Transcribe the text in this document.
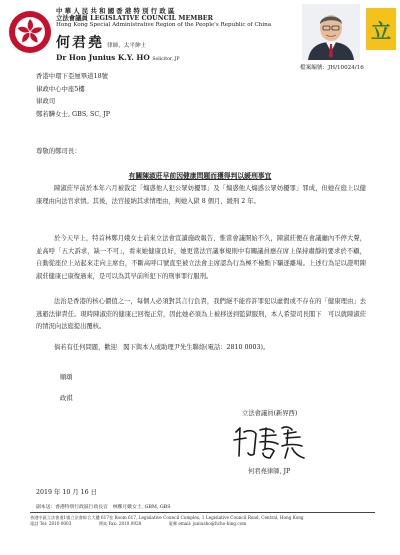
中 華 人 民 共 和 國 香 港 特 別 行 政 區
立法會議員 LEGISLATIVE COUNCIL MEMBER
Hong Kong Special Administrative Region of the People's Republic of China
何君堯 律師，太平紳士
Dr Hon Junius K.Y. HO Solicitor, JP
立
檔案編號：JH/10024/16
香港中環下亞厘畢道18號
律政中心中座5樓
律政司
鄭若驊女士, GBS, SC, JP
尊敬的鄭司長：
有關陳淑莊早前因健康問題而獲得判以緩刑事宜
陳淑莊早前於本年六月被裁定「煽惑他人犯公眾妨擾罪」及「煽惑他人煽惑公眾妨擾罪」罪成，但她在庭上以健康理由向法官求情。其後，法官接納其求情理由，判她入獄 8 個月，緩刑 2 年。
於今天早上，特首林鄭月娥女士前來立法會宣讀施政報告，惟當會議開始不久，陳淑莊便在會議廳內不停大聲，並高呼「五大訴求，缺一不可」，看來她健康良好，她更當法官議事規則中有關議員應在席上保持肅靜的要求於不顧，自動從座位上站起來走向主席台，不斷高呼口號直至被立法會主席認為行為極不檢點下驅逐離場。上述行為足以證明陳淑莊健康已康復過來，是可以為其早前所犯下的刑事罪行服刑。
法治是香港的核心價值之一，每個人必須對其言行負責，我們絕不能容許罪犯以虛假或不存在的「健康理由」去逃避法律責任。現時陳淑莊的健康已回復正常，因此她必須為上被移送到監獄服刑，本人希望司長閣下　可以就陳淑莊的情況向法庭提出覆核。
倘若有任何問題，歡迎　閣下與本人或助理尹先生聯絡(電話：2810 0003)。
順頌
政祺
立法會議員(新界西)
何君堯律師, JP
2019 年 10 月 16 日
副本送：香港特別行政區行政長官　林鄭月娥女士, GBM, GBS
香港中區立法會道1號立法會綜合大樓 617室 Room 617, Legislative Council Complex, 1 Legislative Council Road, Central, Hong Kong
電話 Tel: 2810 0003	傳真 Fax: 2810 0928	電郵 email: juniusho@hcho-hing.com
